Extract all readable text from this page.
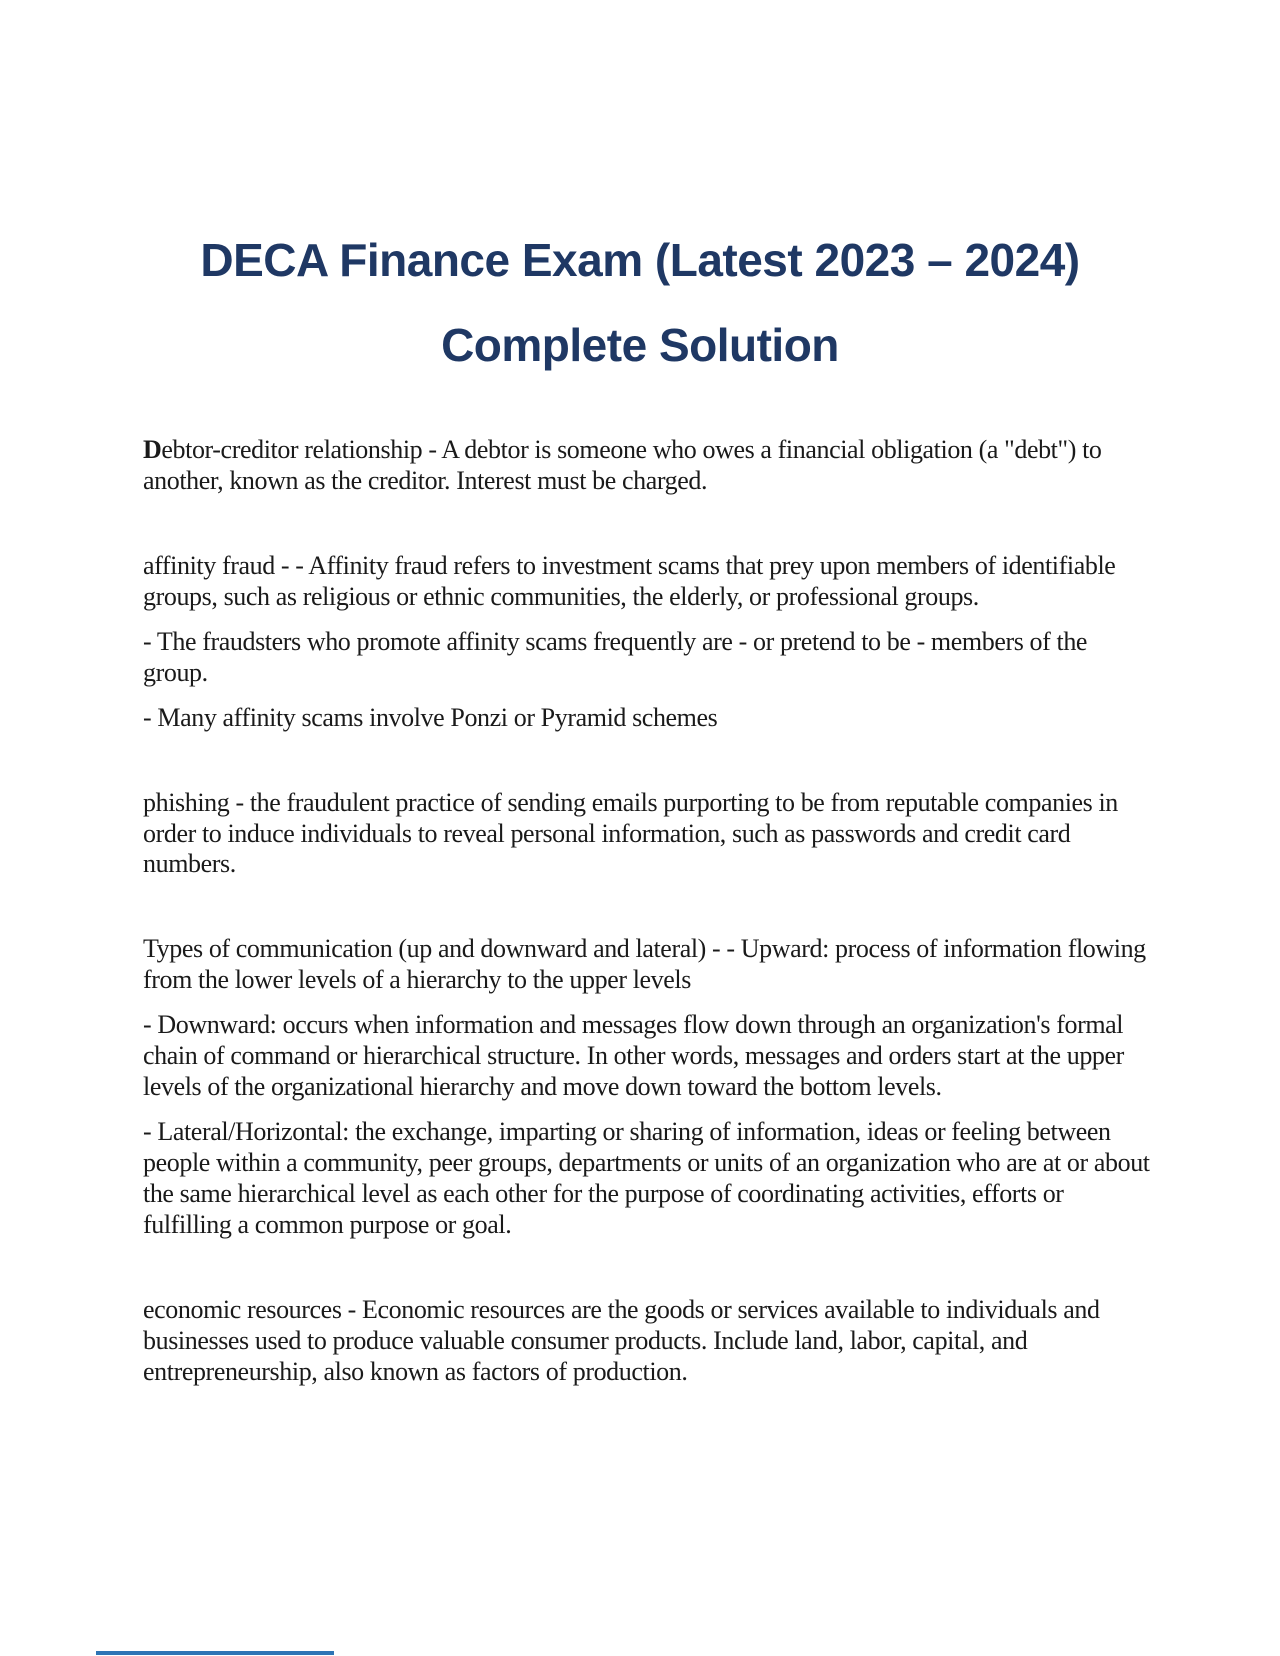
DECA Finance Exam (Latest 2023 – 2024)
Complete Solution

Debtor-creditor relationship - A debtor is someone who owes a financial obligation (a "debt") to another, known as the creditor. Interest must be charged.

affinity fraud - - Affinity fraud refers to investment scams that prey upon members of identifiable groups, such as religious or ethnic communities, the elderly, or professional groups.

- The fraudsters who promote affinity scams frequently are - or pretend to be - members of the group.

- Many affinity scams involve Ponzi or Pyramid schemes

phishing - the fraudulent practice of sending emails purporting to be from reputable companies in order to induce individuals to reveal personal information, such as passwords and credit card numbers.

Types of communication (up and downward and lateral) - - Upward: process of information flowing from the lower levels of a hierarchy to the upper levels

- Downward: occurs when information and messages flow down through an organization's formal chain of command or hierarchical structure. In other words, messages and orders start at the upper levels of the organizational hierarchy and move down toward the bottom levels.

- Lateral/Horizontal: the exchange, imparting or sharing of information, ideas or feeling between people within a community, peer groups, departments or units of an organization who are at or about the same hierarchical level as each other for the purpose of coordinating activities, efforts or fulfilling a common purpose or goal.

economic resources - Economic resources are the goods or services available to individuals and businesses used to produce valuable consumer products. Include land, labor, capital, and entrepreneurship, also known as factors of production.
